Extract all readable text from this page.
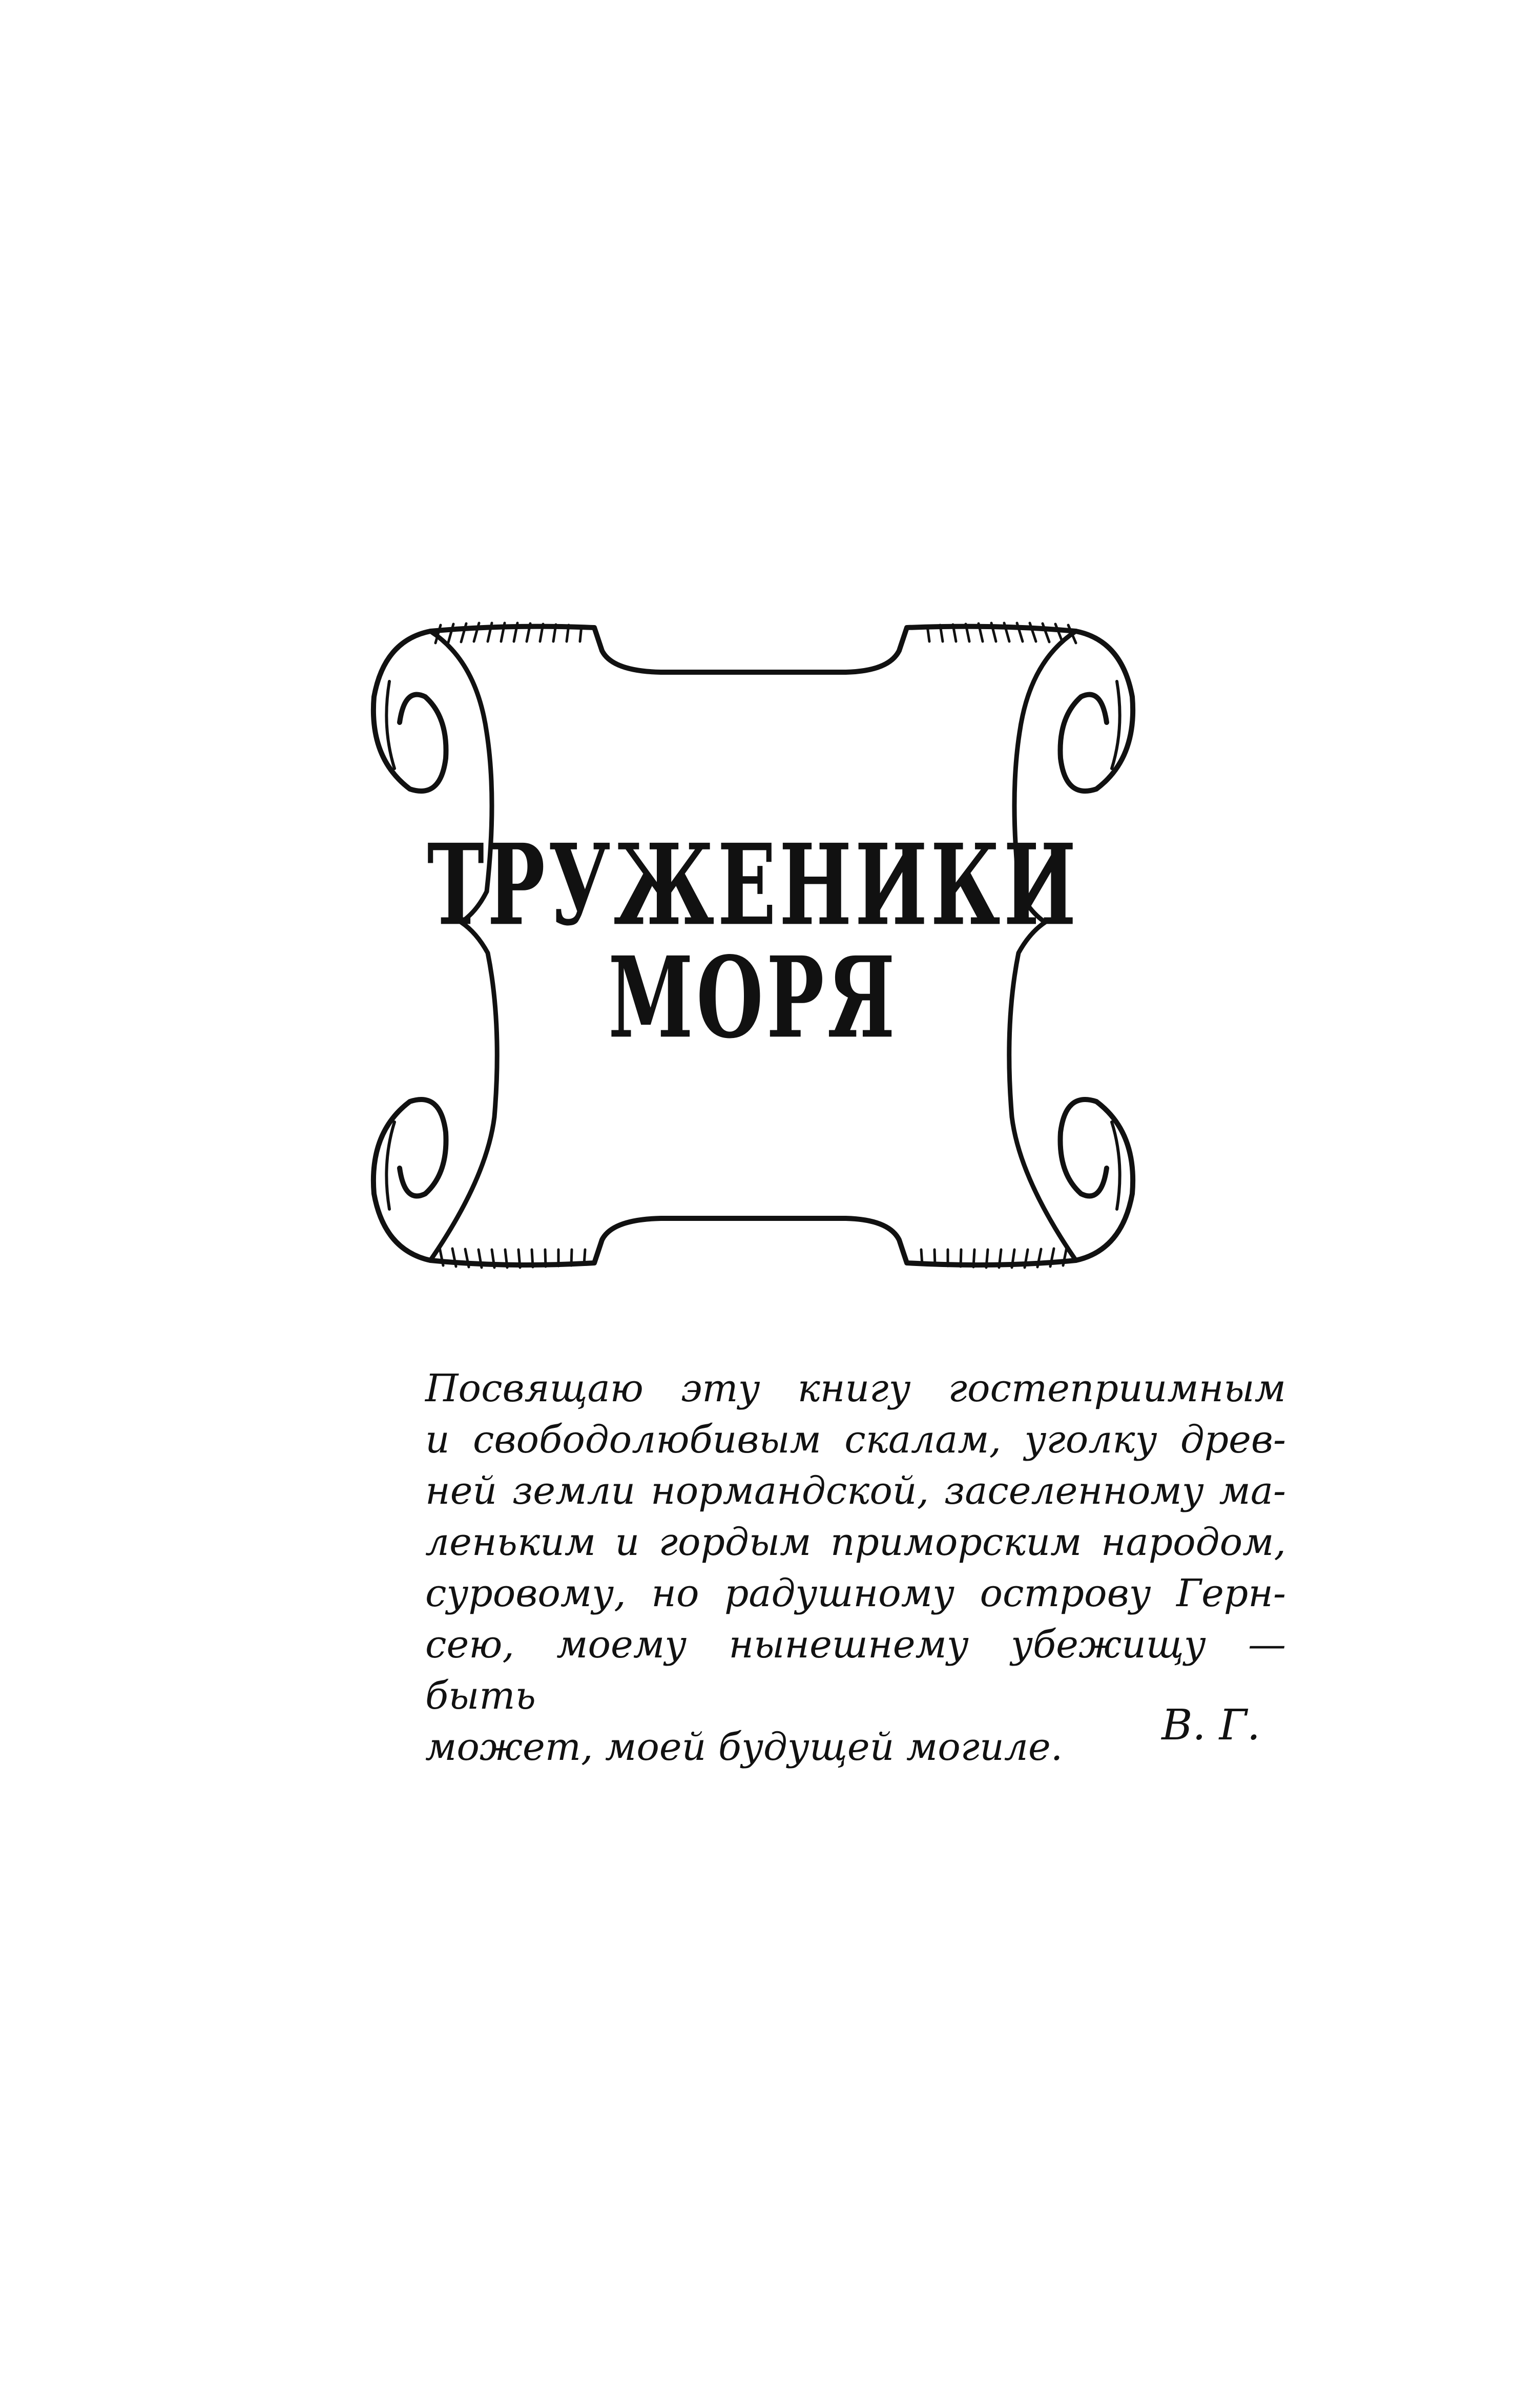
ТРУЖЕНИКИ
МОРЯ
Посвящаю эту книгу гостеприимным
и свободолюбивым скалам, уголку древ-
ней земли нормандской, заселенному ма-
леньким и гордым приморским народом,
суровому, но радушному острову Герн-
сею, моему нынешнему убежищу — быть
может, моей будущей могиле.	В. Г.
